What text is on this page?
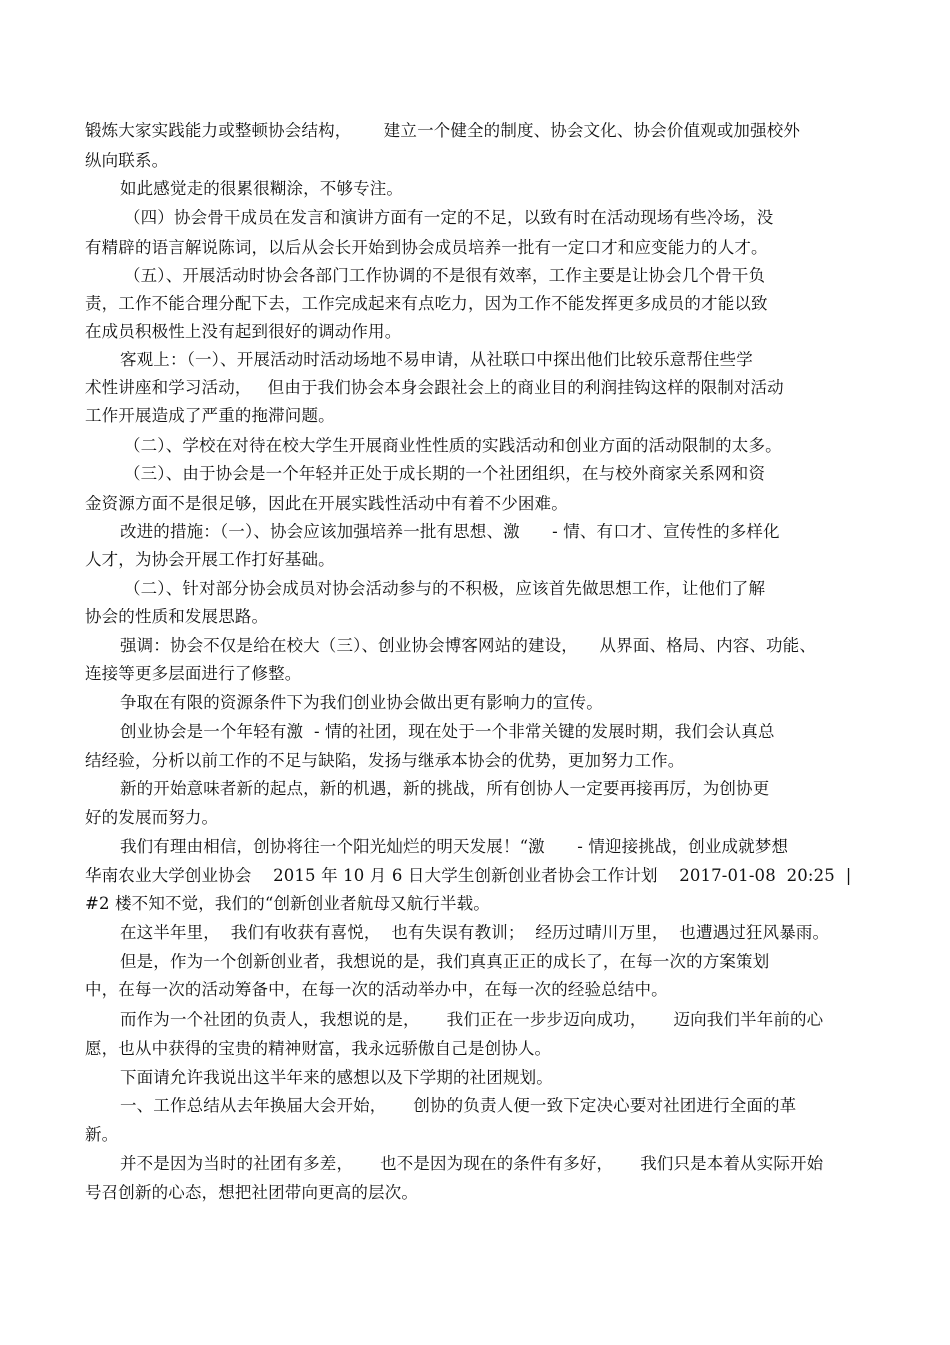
锻炼大家实践能力或整顿协会结构，      建立一个健全的制度、协会文化、协会价值观或加强校外
纵向联系。
如此感觉走的很累很糊涂，不够专注。
（四）协会骨干成员在发言和演讲方面有一定的不足，以致有时在活动现场有些冷场，没
有精辟的语言解说陈词，以后从会长开始到协会成员培养一批有一定口才和应变能力的人才。
（五）、开展活动时协会各部门工作协调的不是很有效率，工作主要是让协会几个骨干负
责，工作不能合理分配下去，工作完成起来有点吃力，因为工作不能发挥更多成员的才能以致
在成员积极性上没有起到很好的调动作用。
客观上：（一）、开展活动时活动场地不易申请，从社联口中探出他们比较乐意帮住些学
术性讲座和学习活动，   但由于我们协会本身会跟社会上的商业目的利润挂钩这样的限制对活动
工作开展造成了严重的拖滞问题。
（二）、学校在对待在校大学生开展商业性性质的实践活动和创业方面的活动限制的太多。
（三）、由于协会是一个年轻并正处于成长期的一个社团组织，在与校外商家关系网和资
金资源方面不是很足够，因此在开展实践性活动中有着不少困难。
改进的措施：（一）、协会应该加强培养一批有思想、激      - 情、有口才、宣传性的多样化
人才，为协会开展工作打好基础。
（二）、针对部分协会成员对协会活动参与的不积极，应该首先做思想工作，让他们了解
协会的性质和发展思路。
强调：协会不仅是给在校大（三）、创业协会博客网站的建设，    从界面、格局、内容、功能、
连接等更多层面进行了修整。
争取在有限的资源条件下为我们创业协会做出更有影响力的宣传。
创业协会是一个年轻有激  - 情的社团，现在处于一个非常关键的发展时期，我们会认真总
结经验，分析以前工作的不足与缺陷，发扬与继承本协会的优势，更加努力工作。
新的开始意味者新的起点，新的机遇，新的挑战，所有创协人一定要再接再厉，为创协更
好的发展而努力。
我们有理由相信，创协将往一个阳光灿烂的明天发展！“激      - 情迎接挑战，创业成就梦想
华南农业大学创业协会    2015 年 10 月 6 日大学生创新创业者协会工作计划    2017-01-08  20:25  |
#2 楼不知不觉，我们的“创新创业者航母又航行半载。
在这半年里，  我们有收获有喜悦，  也有失误有教训；  经历过晴川万里，  也遭遇过狂风暴雨。
但是，作为一个创新创业者，我想说的是，我们真真正正的成长了，在每一次的方案策划
中，在每一次的活动筹备中，在每一次的活动举办中，在每一次的经验总结中。
而作为一个社团的负责人，我想说的是，     我们正在一步步迈向成功，     迈向我们半年前的心
愿，也从中获得的宝贵的精神财富，我永远骄傲自己是创协人。
下面请允许我说出这半年来的感想以及下学期的社团规划。
一、工作总结从去年换届大会开始，     创协的负责人便一致下定决心要对社团进行全面的革
新。
并不是因为当时的社团有多差，     也不是因为现在的条件有多好，     我们只是本着从实际开始
号召创新的心态，想把社团带向更高的层次。
